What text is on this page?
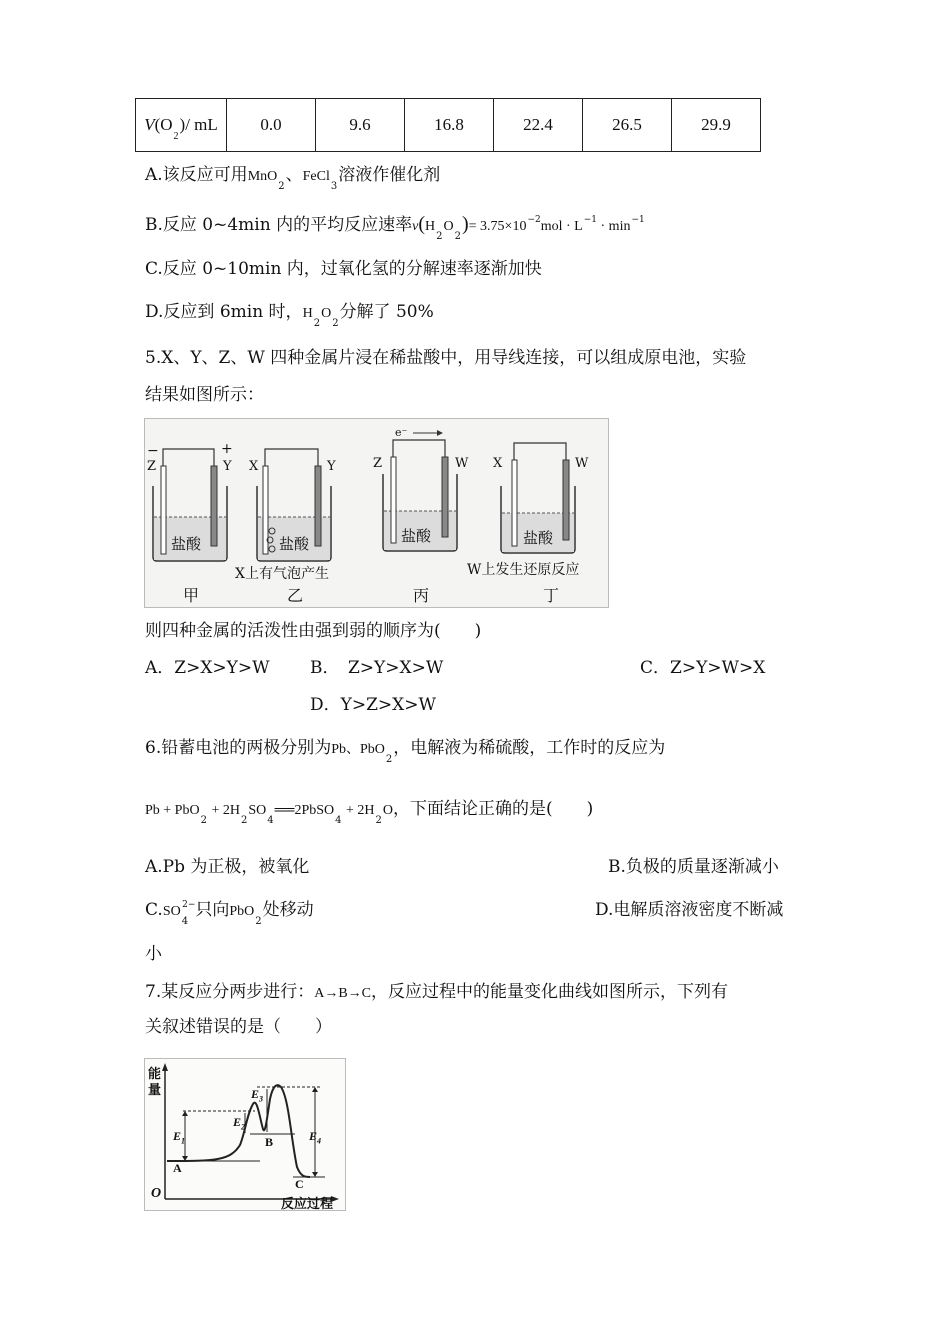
$V(O_2)/$ mL	0.0	9.6	16.8	22.4	26.5	29.9
A.该反应可用MnO$_2$、FeCl$_3$溶液作催化剂
B.反应 0~4min 内的平均反应速率$v(H_2O_2)= 3.75\times 10^{-2}mol \cdot L^{-1} \cdot \min^{-1}$
C.反应 0~10min 内，过氧化氢的分解速率逐渐加快
D.反应到 6min 时，$H_2O_2$分解了 50%
5.X、Y、Z、W 四种金属片浸在稀盐酸中，用导线连接，可以组成原电池，实验
结果如图所示：
−	+
Z	Y
盐酸
甲
X	Y
盐酸
X上有气泡产生
乙
e⁻
Z	W
盐酸
丙
X	W
盐酸
W上发生还原反应
丁
则四种金属的活泼性由强到弱的顺序为(　　)
A．Z>X>Y>W B．　Z>Y>X>W	C．Z>Y>W>X
D．Y>Z>X>W
6.铅蓄电池的两极分别为Pb、PbO$_2$，电解液为稀硫酸，工作时的反应为
$Pb + PbO_2 + 2H_2SO_4══2PbSO_4 + 2H_2O$，下面结论正确的是(　　)
A.Pb 为正极，被氧化	B.负极的质量逐渐减小
$C.SO_4^{2-}$只向PbO$_2$处移动	D.电解质溶液密度不断减
小
7.某反应分两步进行：A→B→C，反应过程中的能量变化曲线如图所示，下列有
关叙述错误的是（　　）
能
量
反应过程
O
$E_1$
$E_2$
$E_3$
$E_4$
A
B
C
